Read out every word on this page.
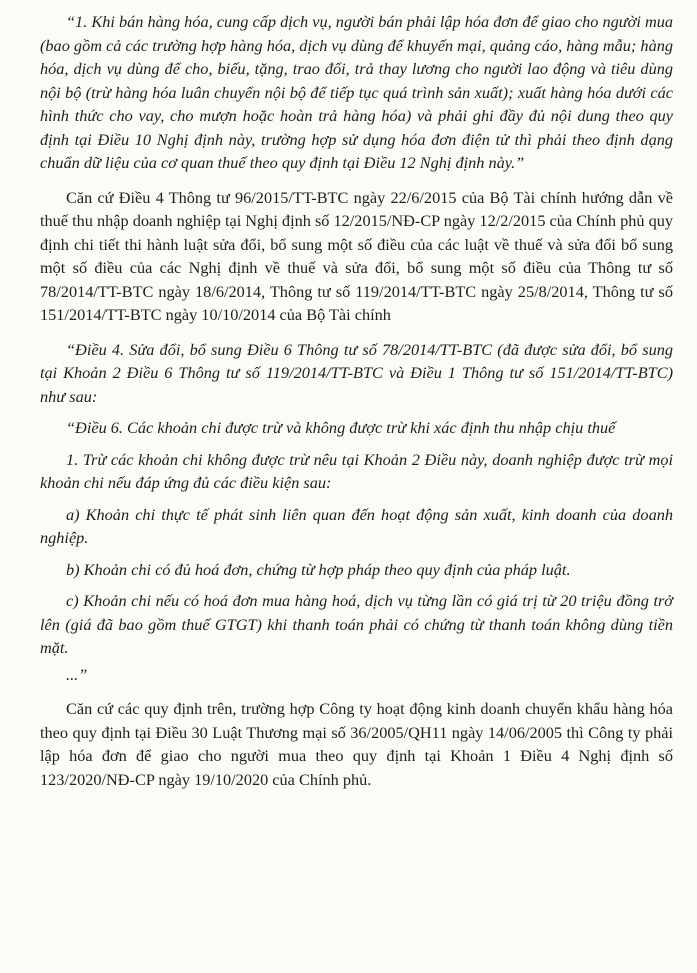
“1. Khi bán hàng hóa, cung cấp dịch vụ, người bán phải lập hóa đơn để giao cho người mua (bao gồm cả các trường hợp hàng hóa, dịch vụ dùng để khuyến mại, quảng cáo, hàng mẫu; hàng hóa, dịch vụ dùng để cho, biếu, tặng, trao đổi, trả thay lương cho người lao động và tiêu dùng nội bộ (trừ hàng hóa luân chuyển nội bộ để tiếp tục quá trình sản xuất); xuất hàng hóa dưới các hình thức cho vay, cho mượn hoặc hoàn trả hàng hóa) và phải ghi đầy đủ nội dung theo quy định tại Điều 10 Nghị định này, trường hợp sử dụng hóa đơn điện tử thì phải theo định dạng chuẩn dữ liệu của cơ quan thuế theo quy định tại Điều 12 Nghị định này.”

Căn cứ Điều 4 Thông tư 96/2015/TT-BTC ngày 22/6/2015 của Bộ Tài chính hướng dẫn về thuế thu nhập doanh nghiệp tại Nghị định số 12/2015/NĐ-CP ngày 12/2/2015 của Chính phủ quy định chi tiết thi hành luật sửa đổi, bổ sung một số điều của các luật về thuế và sửa đổi bổ sung một số điều của các Nghị định về thuế và sửa đổi, bổ sung một số điều của Thông tư số 78/2014/TT-BTC ngày 18/6/2014, Thông tư số 119/2014/TT-BTC ngày 25/8/2014, Thông tư số 151/2014/TT-BTC ngày 10/10/2014 của Bộ Tài chính

“Điều 4. Sửa đổi, bổ sung Điều 6 Thông tư số 78/2014/TT-BTC (đã được sửa đổi, bổ sung tại Khoản 2 Điều 6 Thông tư số 119/2014/TT-BTC và Điều 1 Thông tư số 151/2014/TT-BTC) như sau:

“Điều 6. Các khoản chi được trừ và không được trừ khi xác định thu nhập chịu thuế

1. Trừ các khoản chi không được trừ nêu tại Khoản 2 Điều này, doanh nghiệp được trừ mọi khoản chi nếu đáp ứng đủ các điều kiện sau:

a) Khoản chi thực tế phát sinh liên quan đến hoạt động sản xuất, kinh doanh của doanh nghiệp.

b) Khoản chi có đủ hoá đơn, chứng từ hợp pháp theo quy định của pháp luật.

c) Khoản chi nếu có hoá đơn mua hàng hoá, dịch vụ từng lần có giá trị từ 20 triệu đồng trở lên (giá đã bao gồm thuế GTGT) khi thanh toán phải có chứng từ thanh toán không dùng tiền mặt.

...”

Căn cứ các quy định trên, trường hợp Công ty hoạt động kinh doanh chuyển khẩu hàng hóa theo quy định tại Điều 30 Luật Thương mại số 36/2005/QH11 ngày 14/06/2005 thì Công ty phải lập hóa đơn để giao cho người mua theo quy định tại Khoản 1 Điều 4 Nghị định số 123/2020/NĐ-CP ngày 19/10/2020 của Chính phủ.
